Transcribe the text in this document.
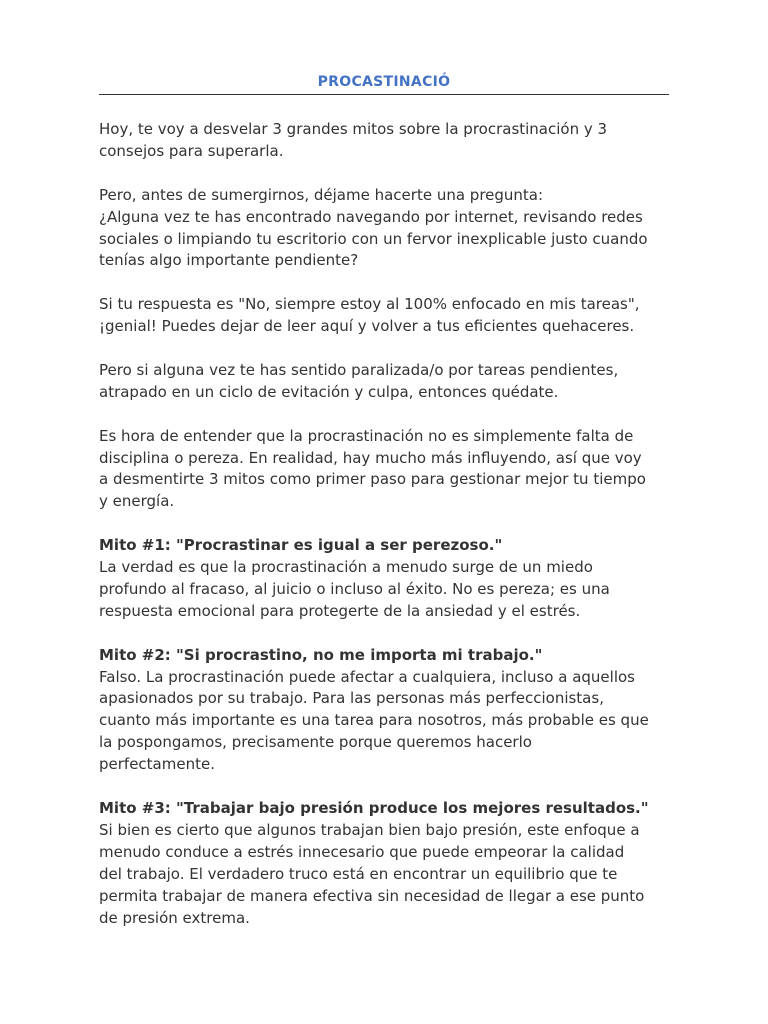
PROCASTINACIÓ

Hoy, te voy a desvelar 3 grandes mitos sobre la procrastinación y 3
consejos para superarla.

Pero, antes de sumergirnos, déjame hacerte una pregunta:
¿Alguna vez te has encontrado navegando por internet, revisando redes
sociales o limpiando tu escritorio con un fervor inexplicable justo cuando
tenías algo importante pendiente?

Si tu respuesta es "No, siempre estoy al 100% enfocado en mis tareas",
¡genial! Puedes dejar de leer aquí y volver a tus eficientes quehaceres.

Pero si alguna vez te has sentido paralizada/o por tareas pendientes,
atrapado en un ciclo de evitación y culpa, entonces quédate.

Es hora de entender que la procrastinación no es simplemente falta de
disciplina o pereza. En realidad, hay mucho más influyendo, así que voy
a desmentirte 3 mitos como primer paso para gestionar mejor tu tiempo
y energía.

Mito #1: "Procrastinar es igual a ser perezoso."
La verdad es que la procrastinación a menudo surge de un miedo
profundo al fracaso, al juicio o incluso al éxito. No es pereza; es una
respuesta emocional para protegerte de la ansiedad y el estrés.

Mito #2: "Si procrastino, no me importa mi trabajo."
Falso. La procrastinación puede afectar a cualquiera, incluso a aquellos
apasionados por su trabajo. Para las personas más perfeccionistas,
cuanto más importante es una tarea para nosotros, más probable es que
la pospongamos, precisamente porque queremos hacerlo
perfectamente.

Mito #3: "Trabajar bajo presión produce los mejores resultados."
Si bien es cierto que algunos trabajan bien bajo presión, este enfoque a
menudo conduce a estrés innecesario que puede empeorar la calidad
del trabajo. El verdadero truco está en encontrar un equilibrio que te
permita trabajar de manera efectiva sin necesidad de llegar a ese punto
de presión extrema.
